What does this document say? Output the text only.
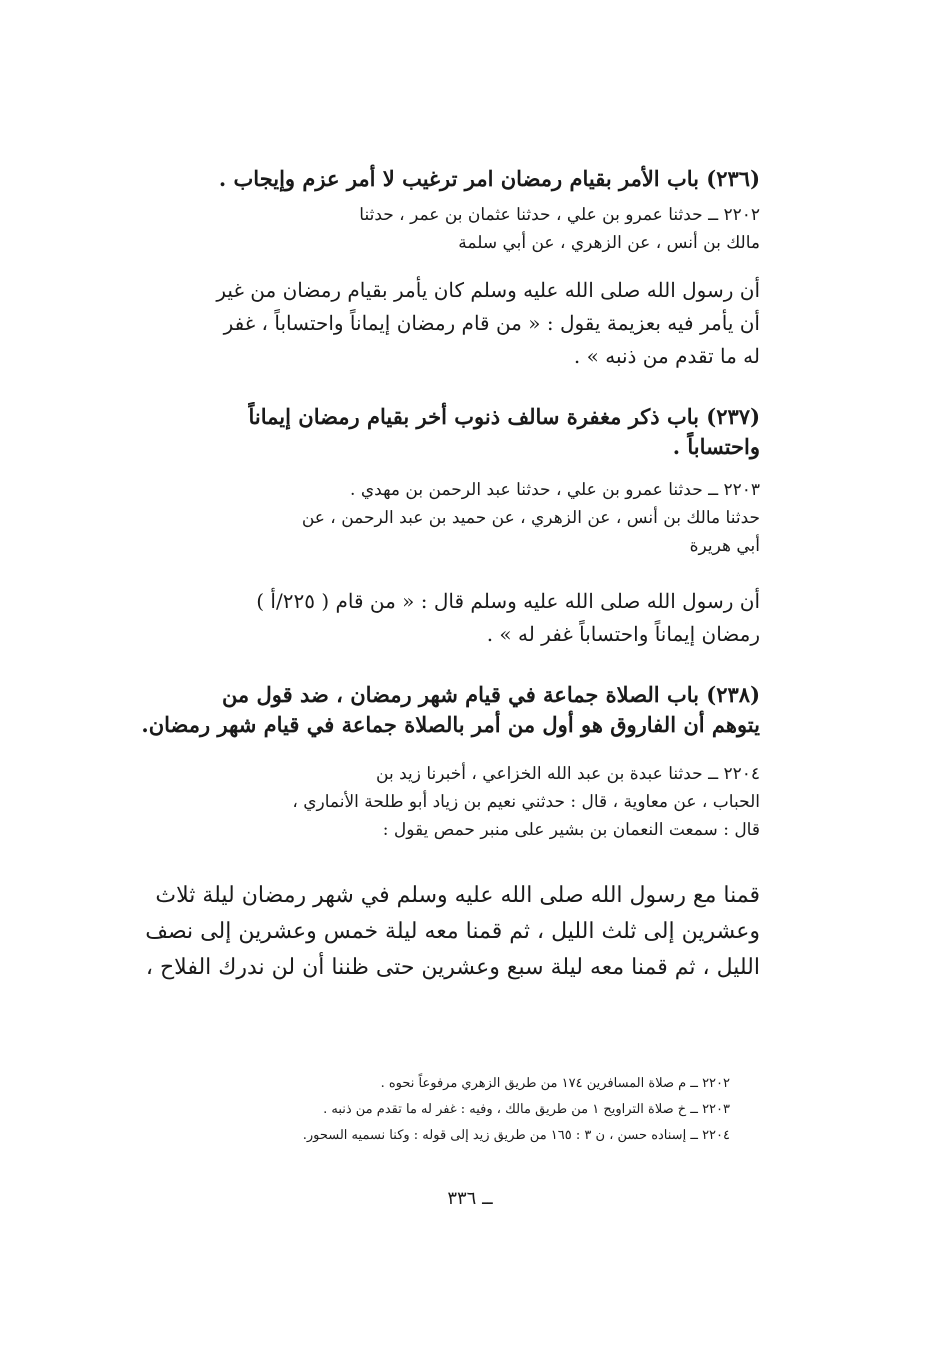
(٢٣٦) باب الأمر بقيام رمضان امر ترغيب لا أمر عزم وإيجاب .
٢٢٠٢ ــ حدثنا عمرو بن علي ، حدثنا عثمان بن عمر ، حدثنا
مالك بن أنس ، عن الزهري ، عن أبي سلمة
أن رسول الله صلى الله عليه وسلم كان يأمر بقيام رمضان من غير
أن يأمر فيه بعزيمة يقول : « من قام رمضان إيماناً واحتساباً ، غفر
له ما تقدم من ذنبه » .
(٢٣٧) باب ذكر مغفرة سالف ذنوب أخر بقيام رمضان إيماناً
واحتساباً .
٢٢٠٣ ــ حدثنا عمرو بن علي ، حدثنا عبد الرحمن بن مهدي .
حدثنا مالك بن أنس ، عن الزهري ، عن حميد بن عبد الرحمن ، عن
أبي هريرة
أن رسول الله صلى الله عليه وسلم قال : « من قام ( ٢٢٥/أ )
رمضان إيماناً واحتساباً غفر له » .
(٢٣٨) باب الصلاة جماعة في قيام شهر رمضان ، ضد قول من
يتوهم أن الفاروق هو أول من أمر بالصلاة جماعة في قيام شهر رمضان.
٢٢٠٤ ــ حدثنا عبدة بن عبد الله الخزاعي ، أخبرنا زيد بن
الحباب ، عن معاوية ، قال : حدثني نعيم بن زياد أبو طلحة الأنماري ،
قال : سمعت النعمان بن بشير على منبر حمص يقول :
قمنا مع رسول الله صلى الله عليه وسلم في شهر رمضان ليلة ثلاث
وعشرين إلى ثلث الليل ، ثم قمنا معه ليلة خمس وعشرين إلى نصف
الليل ، ثم قمنا معه ليلة سبع وعشرين حتى ظننا أن لن ندرك الفلاح ،
٢٢٠٢ ــ م صلاة المسافرين ١٧٤ من طريق الزهري مرفوعاً نحوه .
٢٢٠٣ ــ خ صلاة التراويح ١ من طريق مالك ، وفيه : غفر له ما تقدم من ذنبه .
٢٢٠٤ ــ إسناده حسن ، ن ٣ : ١٦٥ من طريق زيد إلى قوله : وكنا نسميه السحور.
ــ ٣٣٦
